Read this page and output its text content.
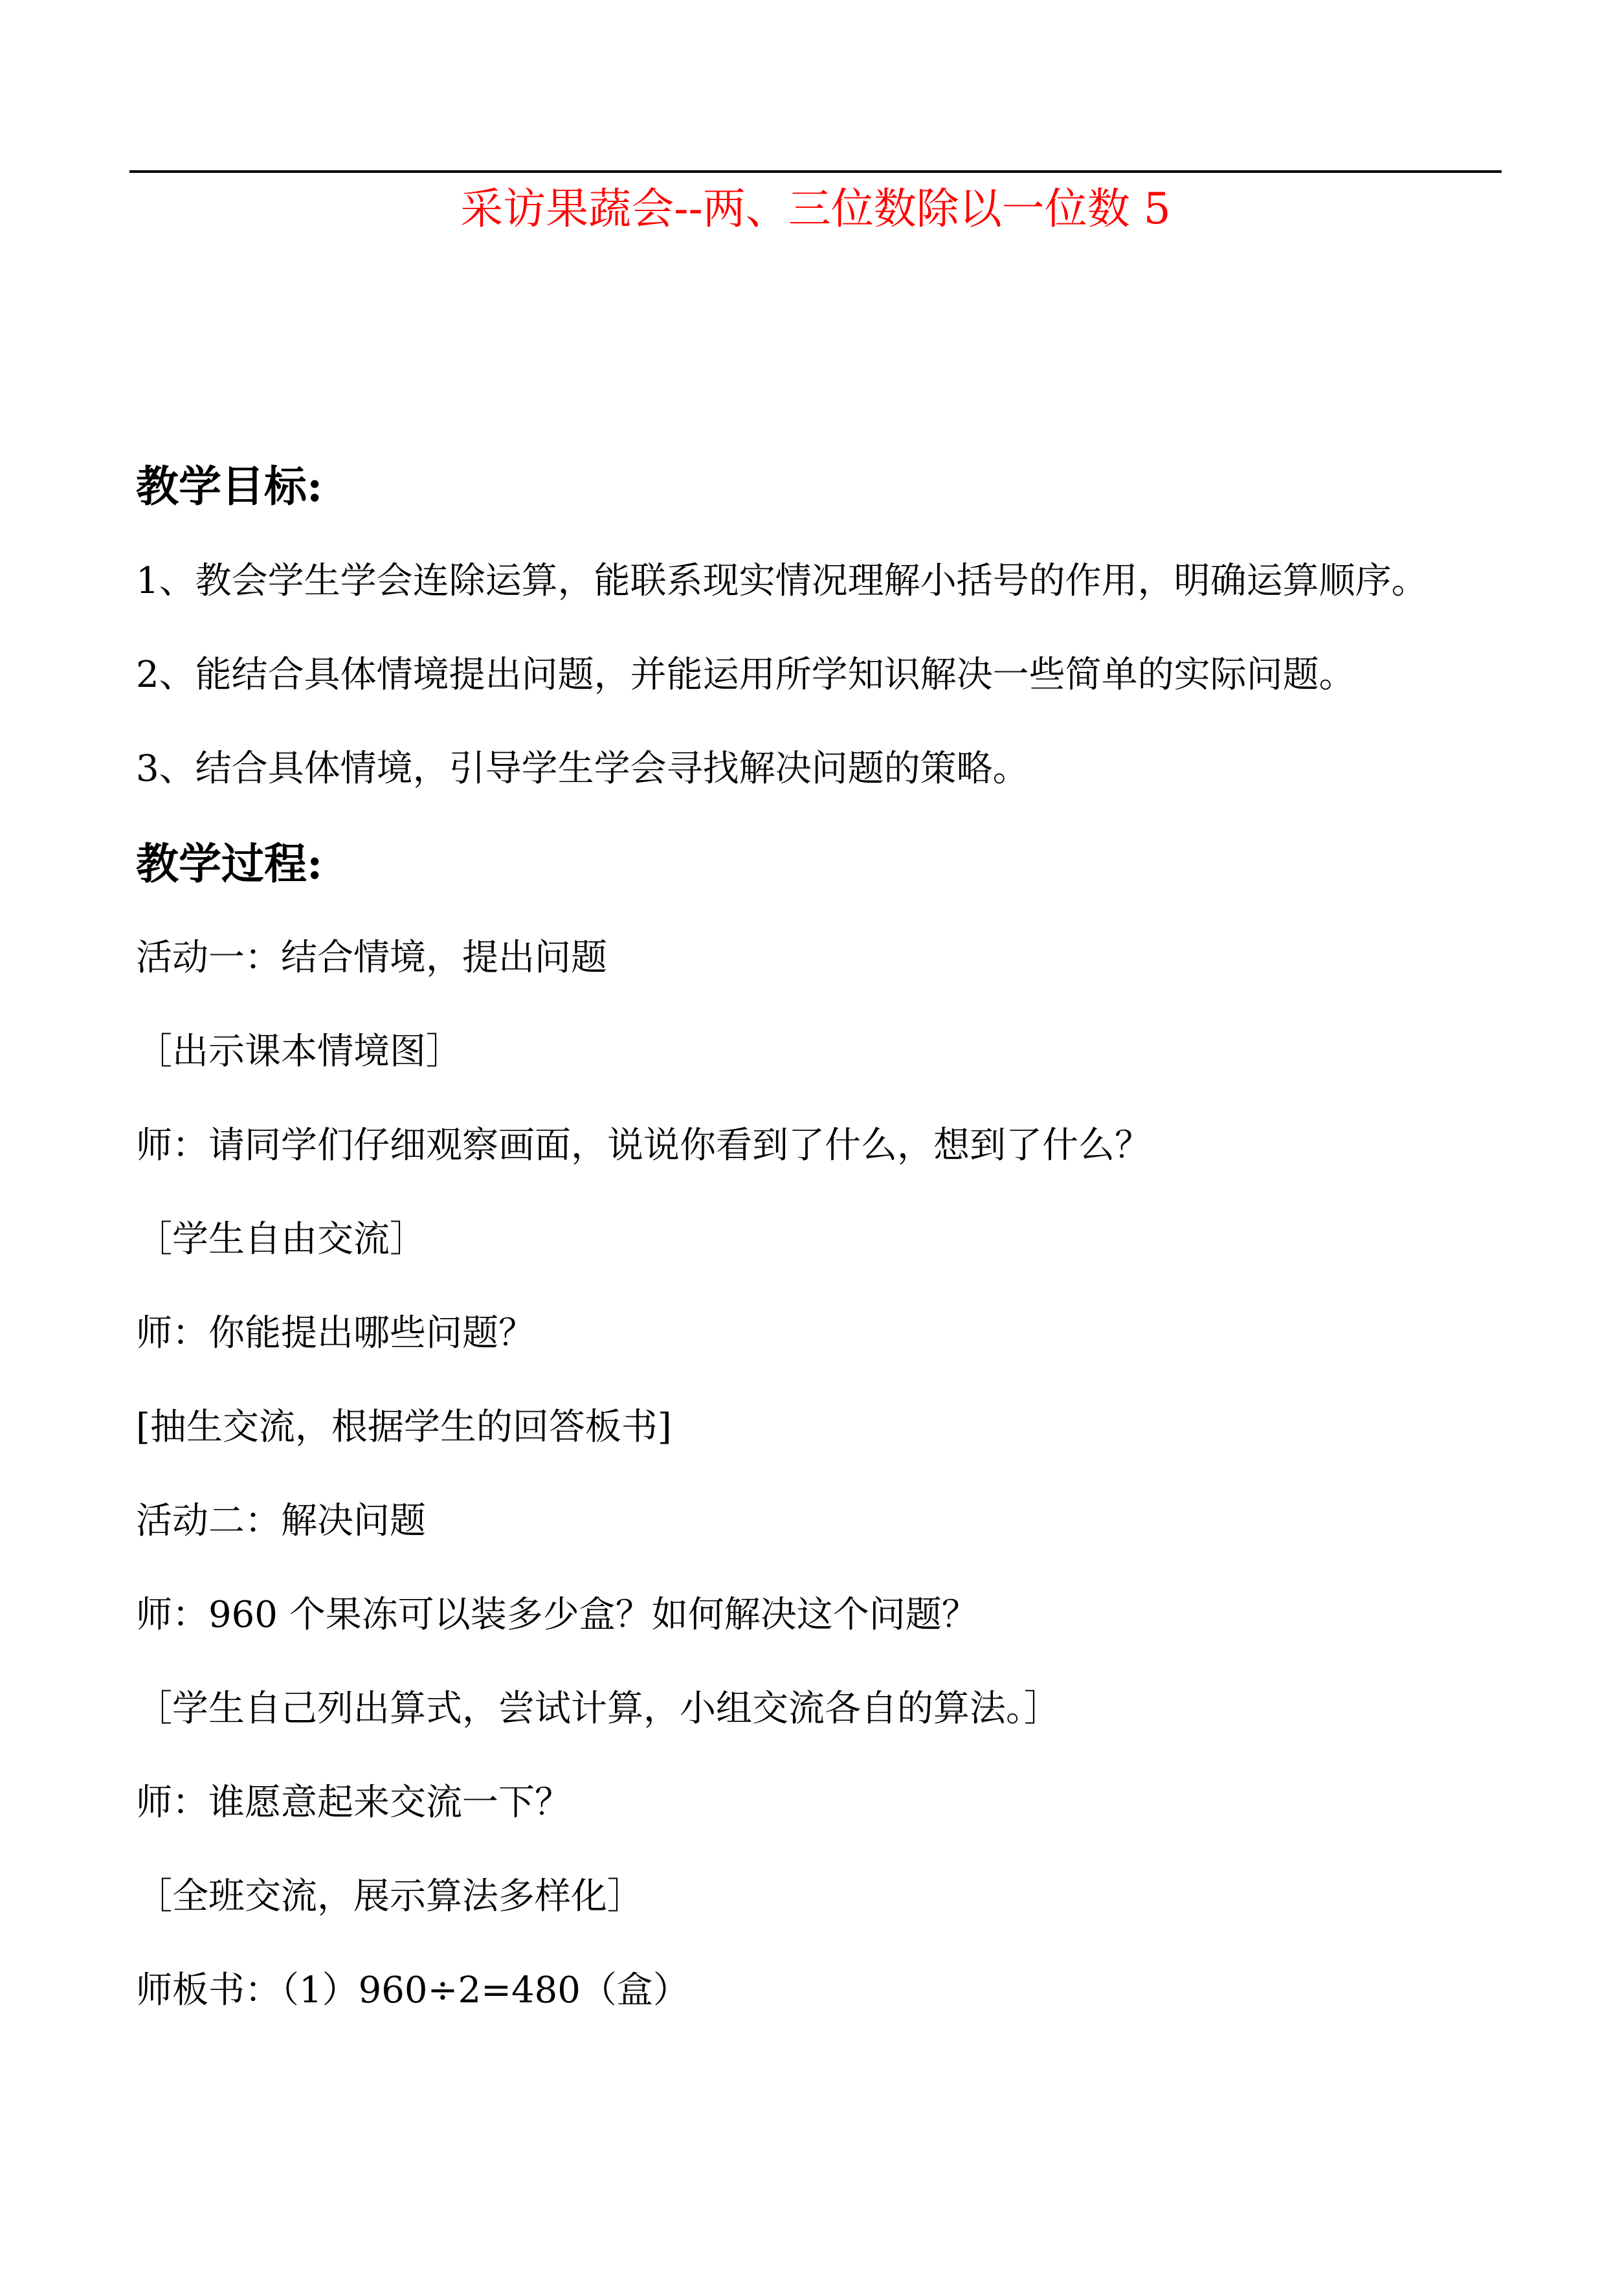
采访果蔬会--两、三位数除以一位数 5
教学目标:
1、教会学生学会连除运算，能联系现实情况理解小括号的作用，明确运算顺序。
2、能结合具体情境提出问题，并能运用所学知识解决一些简单的实际问题。
3、结合具体情境，引导学生学会寻找解决问题的策略。
教学过程:
活动一：结合情境，提出问题
［出示课本情境图］
师：请同学们仔细观察画面，说说你看到了什么，想到了什么？
［学生自由交流］
师：你能提出哪些问题？
[抽生交流，根据学生的回答板书]
活动二：解决问题
师：960 个果冻可以装多少盒？如何解决这个问题？
［学生自己列出算式，尝试计算，小组交流各自的算法。］
师：谁愿意起来交流一下？
［全班交流，展示算法多样化］
师板书：（1）960÷2=480（盒）
